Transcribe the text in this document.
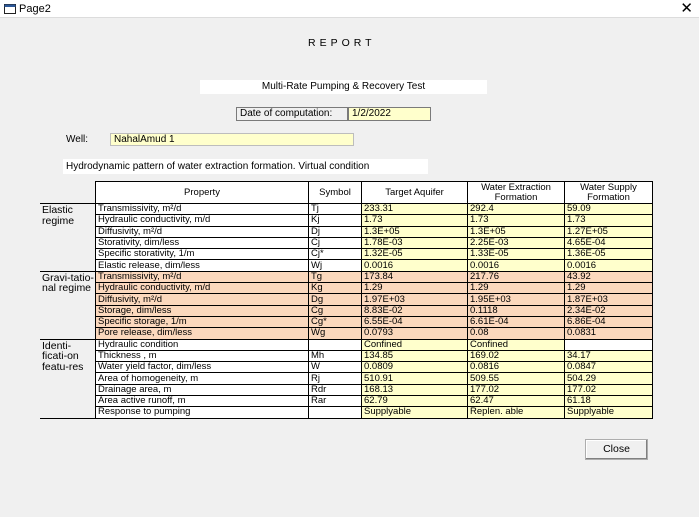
Page2	✕
REPORT
Multi-Rate Pumping & Recovery Test
Date of computation:	1/2/2022
Well:	NahalAmud 1
Hydrodynamic pattern of water extraction formation. Virtual condition
	Property	Symbol	Target Aquifer	Water Extraction Formation	Water Supply Formation
Elastic regime	Transmissivity, m²/d	Tj	233.31	292.4	59.09
	Hydraulic conductivity, m/d	Kj	1.73	1.73	1.73
	Diffusivity, m²/d	Dj	1.3E+05	1.3E+05	1.27E+05
	Storativity, dim/less	Cj	1.78E-03	2.25E-03	4.65E-04
	Specific storativity, 1/m	Cj*	1.32E-05	1.33E-05	1.36E-05
	Elastic release, dim/less	Wj	0.0016	0.0016	0.0016
Gravi-tatio-nal regime	Transmissivity, m²/d	Tg	173.84	217.76	43.92
	Hydraulic conductivity, m/d	Kg	1.29	1.29	1.29
	Diffusivity, m²/d	Dg	1.97E+03	1.95E+03	1.87E+03
	Storage, dim/less	Cg	8.83E-02	0.1118	2.34E-02
	Specific storage, 1/m	Cg*	6.55E-04	6.61E-04	6.86E-04
	Pore release, dim/less	Wg	0.0793	0.08	0.0831
Identi-ficati-on featu-res	Hydraulic condition		Confined	Confined	
	Thickness , m	Mh	134.85	169.02	34.17
	Water yield factor, dim/less	W	0.0809	0.0816	0.0847
	Area of homogeneity, m	Rj	510.91	509.55	504.29
	Drainage area, m	Rdr	168.13	177.02	177.02
	Area active runoff, m	Rar	62.79	62.47	61.18
	Response to pumping		Supplyable	Replen. able	Supplyable
Close
